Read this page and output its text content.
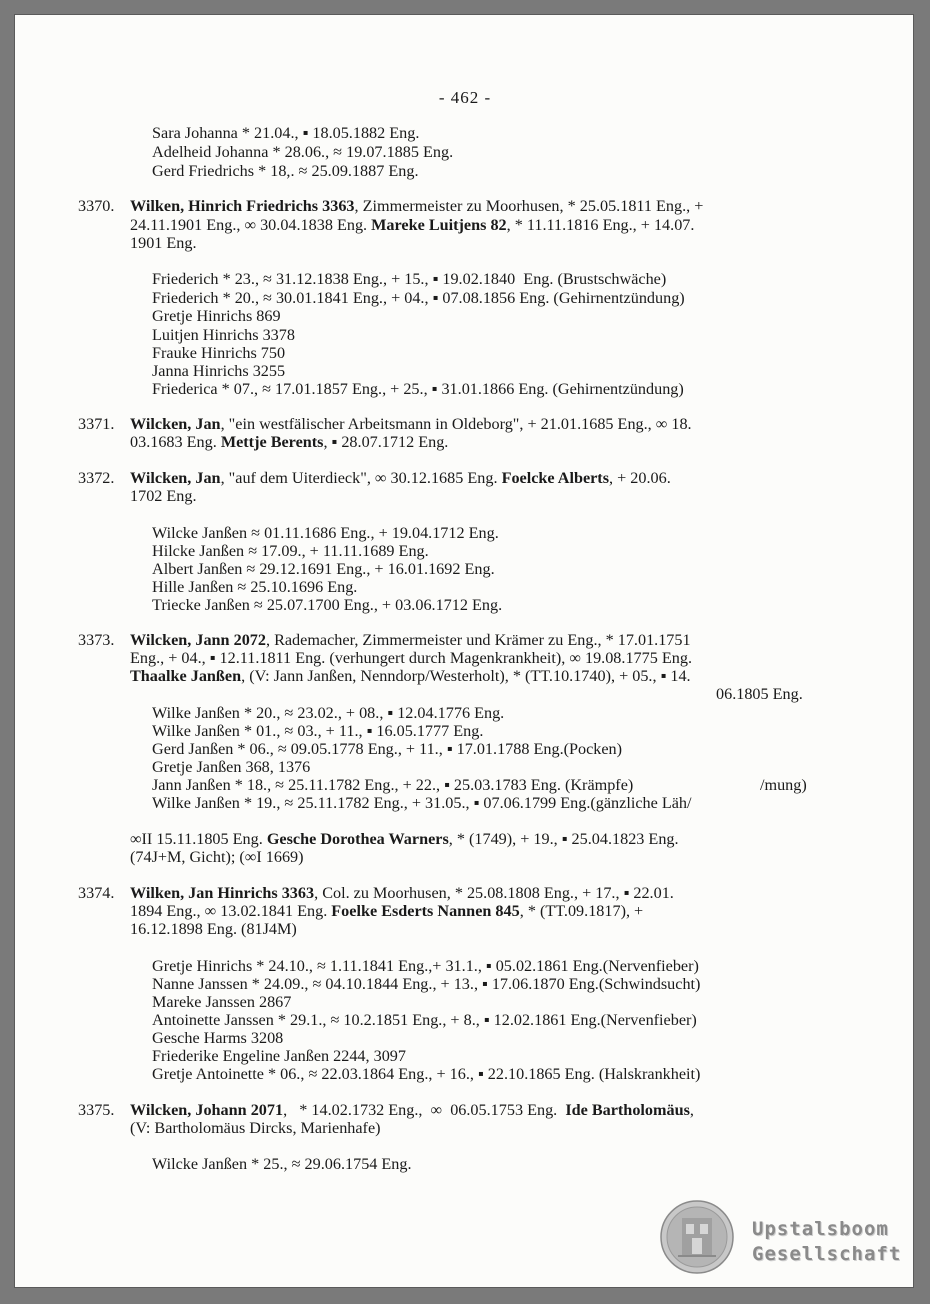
- 462 -
Sara Johanna * 21.04., ▪ 18.05.1882 Eng.
Adelheid Johanna * 28.06., ≈ 19.07.1885 Eng.
Gerd Friedrichs * 18,. ≈ 25.09.1887 Eng.
3370. Wilken, Hinrich Friedrichs 3363, Zimmermeister zu Moorhusen, * 25.05.1811 Eng., +
24.11.1901 Eng., ∞ 30.04.1838 Eng. Mareke Luitjens 82, * 11.11.1816 Eng., + 14.07.
1901 Eng.
Friederich * 23., ≈ 31.12.1838 Eng., + 15., ▪ 19.02.1840  Eng. (Brustschwäche)
Friederich * 20., ≈ 30.01.1841 Eng., + 04., ▪ 07.08.1856 Eng. (Gehirnentzündung)
Gretje Hinrichs 869
Luitjen Hinrichs 3378
Frauke Hinrichs 750
Janna Hinrichs 3255
Friederica * 07., ≈ 17.01.1857 Eng., + 25., ▪ 31.01.1866 Eng. (Gehirnentzündung)
3371. Wilcken, Jan, "ein westfälischer Arbeitsmann in Oldeborg", + 21.01.1685 Eng., ∞ 18.
03.1683 Eng. Mettje Berents, ▪ 28.07.1712 Eng.
3372. Wilcken, Jan, "auf dem Uiterdieck", ∞ 30.12.1685 Eng. Foelcke Alberts, + 20.06.
1702 Eng.
Wilcke Janßen ≈ 01.11.1686 Eng., + 19.04.1712 Eng.
Hilcke Janßen ≈ 17.09., + 11.11.1689 Eng.
Albert Janßen ≈ 29.12.1691 Eng., + 16.01.1692 Eng.
Hille Janßen ≈ 25.10.1696 Eng.
Triecke Janßen ≈ 25.07.1700 Eng., + 03.06.1712 Eng.
3373. Wilcken, Jann 2072, Rademacher, Zimmermeister und Krämer zu Eng., * 17.01.1751
Eng., + 04., ▪ 12.11.1811 Eng. (verhungert durch Magenkrankheit), ∞ 19.08.1775 Eng.
Thaalke Janßen, (V: Jann Janßen, Nenndorp/Westerholt), * (TT.10.1740), + 05., ▪ 14.
06.1805 Eng.
Wilke Janßen * 20., ≈ 23.02., + 08., ▪ 12.04.1776 Eng.
Wilke Janßen * 01., ≈ 03., + 11., ▪ 16.05.1777 Eng.
Gerd Janßen * 06., ≈ 09.05.1778 Eng., + 11., ▪ 17.01.1788 Eng.(Pocken)
Gretje Janßen 368, 1376
Jann Janßen * 18., ≈ 25.11.1782 Eng., + 22., ▪ 25.03.1783 Eng. (Krämpfe)	/mung)
Wilke Janßen * 19., ≈ 25.11.1782 Eng., + 31.05., ▪ 07.06.1799 Eng.(gänzliche Läh/
∞II 15.11.1805 Eng. Gesche Dorothea Warners, * (1749), + 19., ▪ 25.04.1823 Eng.
(74J+M, Gicht); (∞I 1669)
3374. Wilken, Jan Hinrichs 3363, Col. zu Moorhusen, * 25.08.1808 Eng., + 17., ▪ 22.01.
1894 Eng., ∞ 13.02.1841 Eng. Foelke Esderts Nannen 845, * (TT.09.1817), +
16.12.1898 Eng. (81J4M)
Gretje Hinrichs * 24.10., ≈ 1.11.1841 Eng.,+ 31.1., ▪ 05.02.1861 Eng.(Nervenfieber)
Nanne Janssen * 24.09., ≈ 04.10.1844 Eng., + 13., ▪ 17.06.1870 Eng.(Schwindsucht)
Mareke Janssen 2867
Antoinette Janssen * 29.1., ≈ 10.2.1851 Eng., + 8., ▪ 12.02.1861 Eng.(Nervenfieber)
Gesche Harms 3208
Friederike Engeline Janßen 2244, 3097
Gretje Antoinette * 06., ≈ 22.03.1864 Eng., + 16., ▪ 22.10.1865 Eng. (Halskrankheit)
3375. Wilcken, Johann 2071,   * 14.02.1732 Eng.,  ∞  06.05.1753 Eng.  Ide Bartholomäus,
(V: Bartholomäus Dircks, Marienhafe)
Wilcke Janßen * 25., ≈ 29.06.1754 Eng.
Upstalsboom
Gesellschaft
